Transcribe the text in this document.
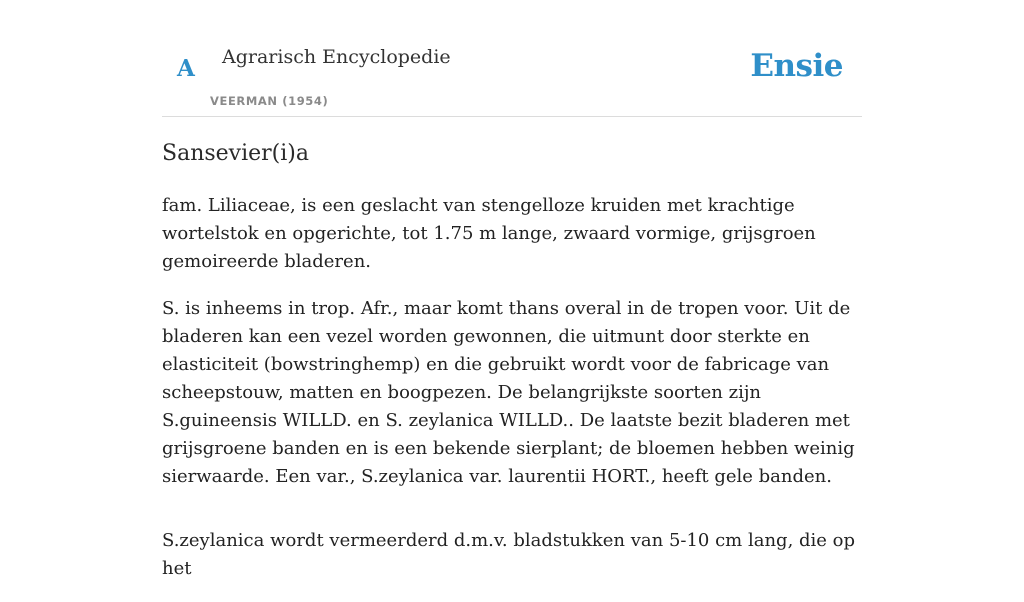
A Agrarisch Encyclopedie
VEERMAN (1954)
Ensie
Sansevier(i)a

fam. Liliaceae, is een geslacht van stengelloze kruiden met krachtige wortelstok en opgerichte, tot 1.75 m lange, zwaard vormige, grijsgroen gemoireerde bladeren.

S. is inheems in trop. Afr., maar komt thans overal in de tropen voor. Uit de bladeren kan een vezel worden gewonnen, die uitmunt door sterkte en elasticiteit (bowstringhemp) en die gebruikt wordt voor de fabricage van scheepstouw, matten en boogpezen. De belangrijkste soorten zijn S.guineensis WILLD. en S. zeylanica WILLD.. De laatste bezit bladeren met grijsgroene banden en is een bekende sierplant; de bloemen hebben weinig sierwaarde. Een var., S.zeylanica var. laurentii HORT., heeft gele banden.

S.zeylanica wordt vermeerderd d.m.v. bladstukken van 5-10 cm lang, die op het
